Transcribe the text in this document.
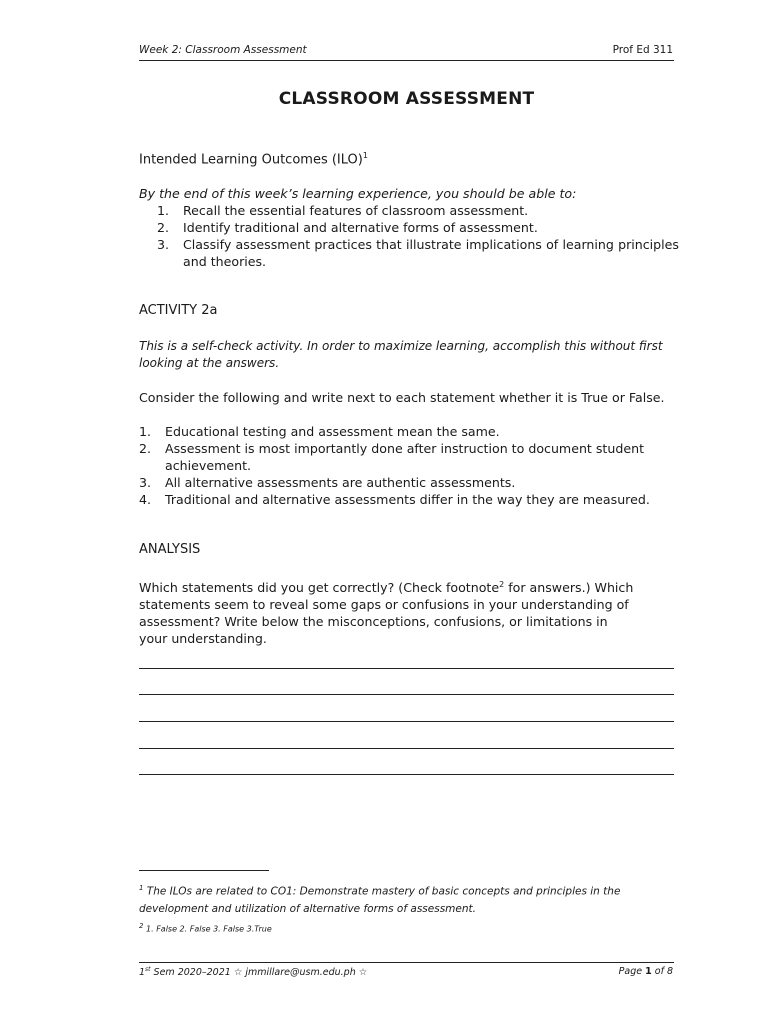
Week 2: Classroom Assessment	Prof Ed 311
CLASSROOM ASSESSMENT
Intended Learning Outcomes (ILO)$^1$
By the end of this week’s learning experience, you should be able to:
1.	Recall the essential features of classroom assessment.
2.	Identify traditional and alternative forms of assessment.
3.	Classify assessment practices that illustrate implications of learning principles and theories.
ACTIVITY 2a
This is a self-check activity. In order to maximize learning, accomplish this without first looking at the answers.
Consider the following and write next to each statement whether it is True or False.
1.	Educational testing and assessment mean the same.
2.	Assessment is most importantly done after instruction to document student achievement.
3.	All alternative assessments are authentic assessments.
4.	Traditional and alternative assessments differ in the way they are measured.
ANALYSIS
Which statements did you get correctly? (Check footnote$^2$ for answers.) Which statements seem to reveal some gaps or confusions in your understanding of assessment? Write below the misconceptions, confusions, or limitations in your understanding.
$^1$ The ILOs are related to CO1: Demonstrate mastery of basic concepts and principles in the development and utilization of alternative forms of assessment.
$^2$ 1. False 2. False 3. False 3.True
1st Sem 2020–2021 ☆ jmmillare@usm.edu.ph ☆	Page 1 of 8
